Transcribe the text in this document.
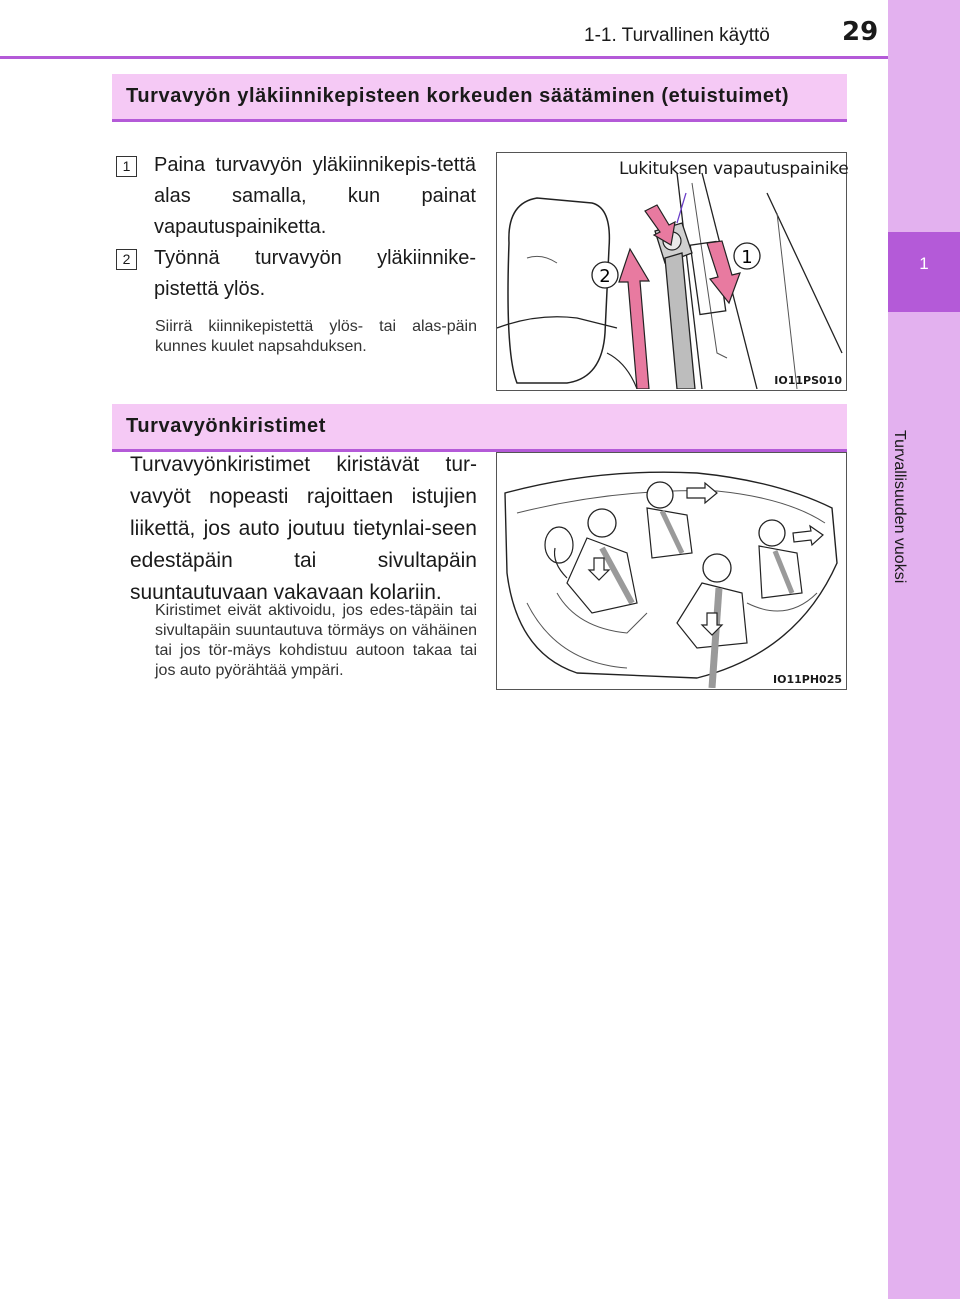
1-1. Turvallinen käyttö	29
1
Turvallisuuden vuoksi
Turvavyön yläkiinnikepisteen korkeuden säätäminen (etuistuimet)
1	Paina turvavyön yläkiinnikepis-tettä alas samalla, kun painat vapautuspainiketta.
2	Työnnä turvavyön yläkiinnike-pistettä ylös.
Siirrä kiinnikepistettä ylös- tai alas-päin kunnes kuulet napsahduksen.
1
2
Lukituksen vapautuspainike
IO11PS010
Turvavyönkiristimet
Turvavyönkiristimet kiristävät tur-vavyöt nopeasti rajoittaen istujien liikettä, jos auto joutuu tietynlai-seen edestäpäin tai sivultapäin suuntautuvaan vakavaan kolariin.
Kiristimet eivät aktivoidu, jos edes-täpäin tai sivultapäin suuntautuva törmäys on vähäinen tai jos tör-mäys kohdistuu autoon takaa tai jos auto pyörähtää ympäri.
IO11PH025
